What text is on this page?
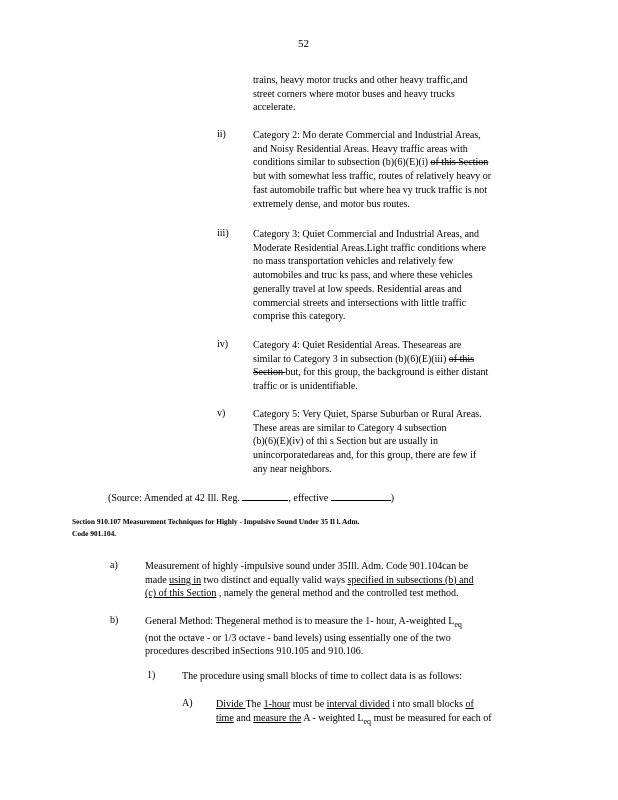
52
trains, heavy motor trucks and other heavy traffic,and
street corners where motor buses and heavy trucks
accelerate.
ii)	Category 2: Mo derate Commercial and Industrial Areas,
and Noisy Residential Areas. Heavy traffic areas with
conditions similar to subsection (b)(6)(E)(i) of this Section
but with somewhat less traffic, routes of relatively heavy or
fast automobile traffic but where hea vy truck traffic is not
extremely dense, and motor bus routes.
iii) Category 3: Quiet Commercial and Industrial Areas, and
Moderate Residential Areas.Light traffic conditions where
no mass transportation vehicles and relatively few
automobiles and truc ks pass, and where these vehicles
generally travel at low speeds. Residential areas and
commercial streets and intersections with little traffic
comprise this category.
iv) Category 4: Quiet Residential Areas. Theseareas are
similar to Category 3 in subsection (b)(6)(E)(iii) of this
Section but, for this group, the background is either distant
traffic or is unidentifiable.
v)	Category 5: Very Quiet, Sparse Suburban or Rural Areas.
These areas are similar to Category 4 subsection
(b)(6)(E)(iv) of thi s Section but are usually in
unincorporatedareas and, for this group, there are few if
any near neighbors.
(Source: Amended at 42 Ill. Reg.	, effective	)
Section 910.107 Measurement Techniques for Highly - Impulsive Sound Under 35 Il l. Adm.
Code 901.104.
a)	Measurement of highly -impulsive sound under 35Ill. Adm. Code 901.104can be
made using in two distinct and equally valid ways specified in subsections (b) and
(c) of this Section , namely the general method and the controlled test method.
b)	General Method: Thegeneral method is to measure the 1- hour, A-weighted $L_{eq}$
(not the octave - or 1/3 octave - band levels) using essentially one of the two
procedures described inSections 910.105 and 910.106.
1)	The procedure using small blocks of time to collect data is as follows:
A) Divide The 1-hour must be interval divided i nto small blocks of
time and measure the A - weighted $L_{eq}$ must be measured for each of
